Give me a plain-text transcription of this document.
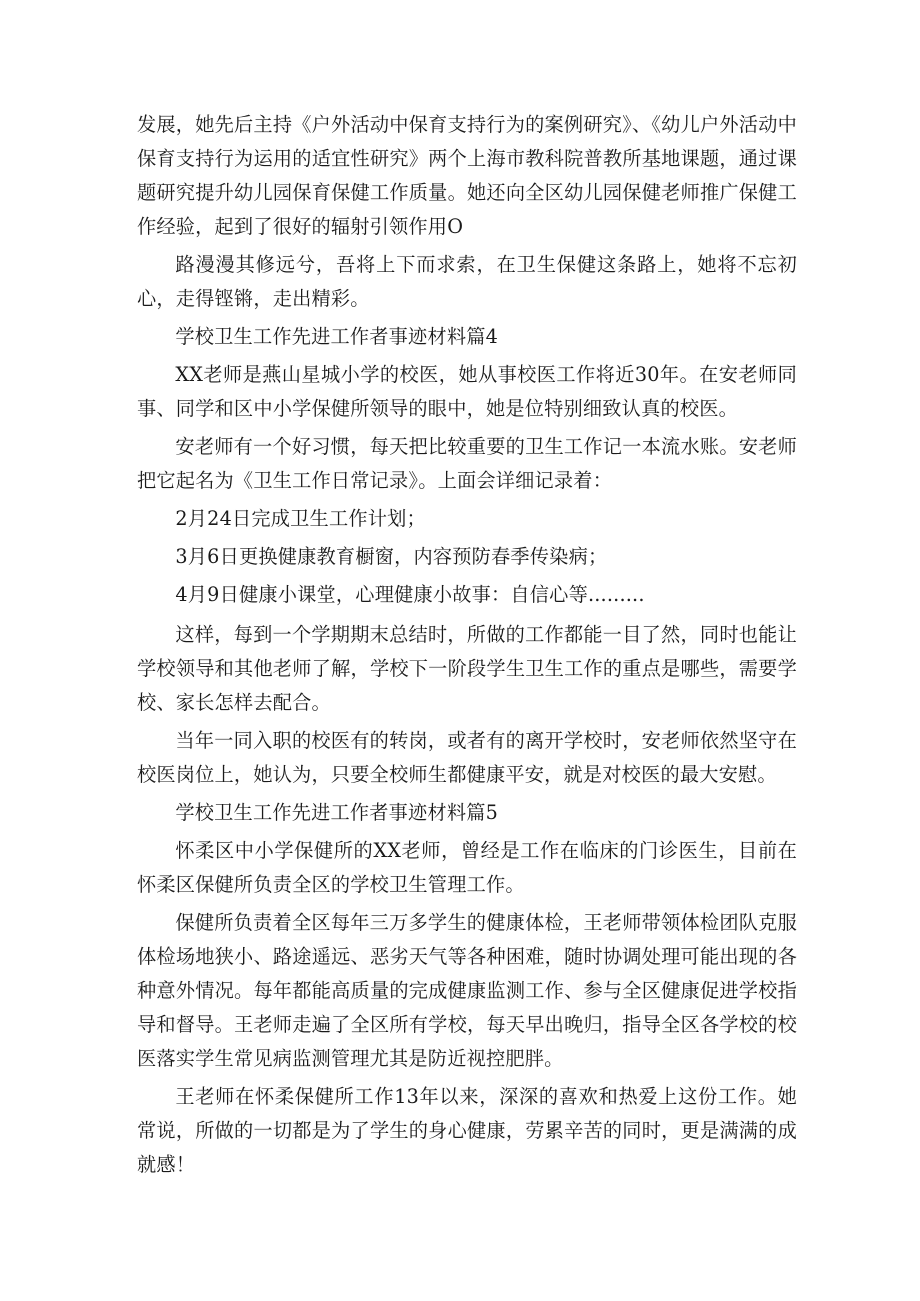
发展，她先后主持《户外活动中保育支持行为的案例研究》、《幼儿户外活动中保育支持行为运用的适宜性研究》两个上海市教科院普教所基地课题，通过课题研究提升幼儿园保育保健工作质量。她还向全区幼儿园保健老师推广保健工作经验，起到了很好的辐射引领作用O

路漫漫其修远兮，吾将上下而求索，在卫生保健这条路上，她将不忘初心，走得铿锵，走出精彩。

学校卫生工作先进工作者事迹材料篇4

XX老师是燕山星城小学的校医，她从事校医工作将近30年。在安老师同事、同学和区中小学保健所领导的眼中，她是位特别细致认真的校医。

安老师有一个好习惯，每天把比较重要的卫生工作记一本流水账。安老师把它起名为《卫生工作日常记录》。上面会详细记录着：

2月24日完成卫生工作计划；

3月6日更换健康教育橱窗，内容预防春季传染病；

4月9日健康小课堂，心理健康小故事：自信心等.........

这样，每到一个学期期末总结时，所做的工作都能一目了然，同时也能让学校领导和其他老师了解，学校下一阶段学生卫生工作的重点是哪些，需要学校、家长怎样去配合。

当年一同入职的校医有的转岗，或者有的离开学校时，安老师依然坚守在校医岗位上，她认为，只要全校师生都健康平安，就是对校医的最大安慰。

学校卫生工作先进工作者事迹材料篇5

怀柔区中小学保健所的XX老师，曾经是工作在临床的门诊医生，目前在怀柔区保健所负责全区的学校卫生管理工作。

保健所负责着全区每年三万多学生的健康体检，王老师带领体检团队克服体检场地狭小、路途遥远、恶劣天气等各种困难，随时协调处理可能出现的各种意外情况。每年都能高质量的完成健康监测工作、参与全区健康促进学校指导和督导。王老师走遍了全区所有学校，每天早出晚归，指导全区各学校的校医落实学生常见病监测管理尤其是防近视控肥胖。

王老师在怀柔保健所工作13年以来，深深的喜欢和热爱上这份工作。她常说，所做的一切都是为了学生的身心健康，劳累辛苦的同时，更是满满的成就感！
